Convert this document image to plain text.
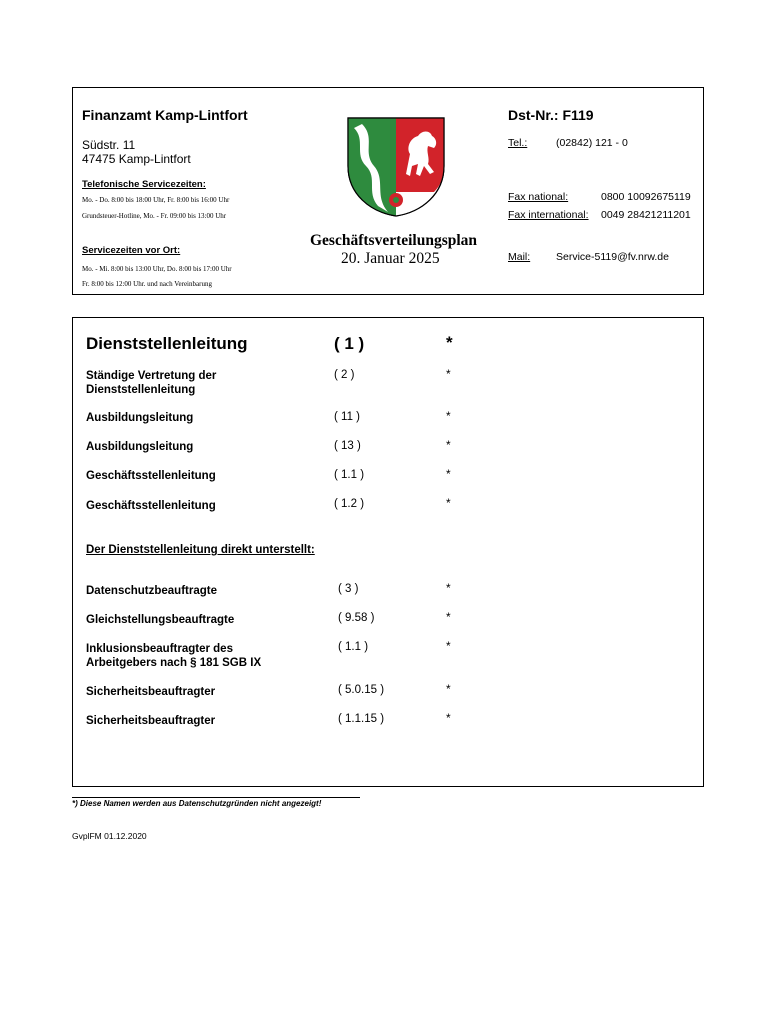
Finanzamt Kamp-Lintfort	Dst-Nr.: F119
Südstr. 11
47475 Kamp-Lintfort
Telefonische Servicezeiten:
Mo. - Do. 8:00 bis 18:00 Uhr, Fr. 8:00 bis 16:00 Uhr
Grundsteuer-Hotline, Mo. - Fr. 09:00 bis 13:00 Uhr
Servicezeiten vor Ort:
Mo. - Mi. 8:00 bis 13:00 Uhr, Do. 8:00 bis 17:00 Uhr
Fr. 8:00 bis 12:00 Uhr. und nach Vereinbarung
Geschäftsverteilungsplan
20. Januar 2025
Tel.:	(02842) 121 - 0
Fax national:	0800 10092675119
Fax international: 0049 28421211201
Mail: Service-5119@fv.nrw.de
Dienststellenleitung	( 1 )	*
Ständige Vertretung der
Dienststellenleitung
( 2 )	*
Ausbildungsleitung	( 11 )	*
Ausbildungsleitung	( 13 )	*
Geschäftsstellenleitung	( 1.1 )	*
Geschäftsstellenleitung	( 1.2 )	*
Der Dienststellenleitung direkt unterstellt:
Datenschutzbeauftragte	( 3 )	*
Gleichstellungsbeauftragte	( 9.58 )	*
Inklusionsbeauftragter des
Arbeitgebers nach § 181 SGB IX
( 1.1 )	*
Sicherheitsbeauftragter	( 5.0.15 )	*
Sicherheitsbeauftragter	( 1.1.15 )	*
*) Diese Namen werden aus Datenschutzgründen nicht angezeigt!
GvplFM 01.12.2020
